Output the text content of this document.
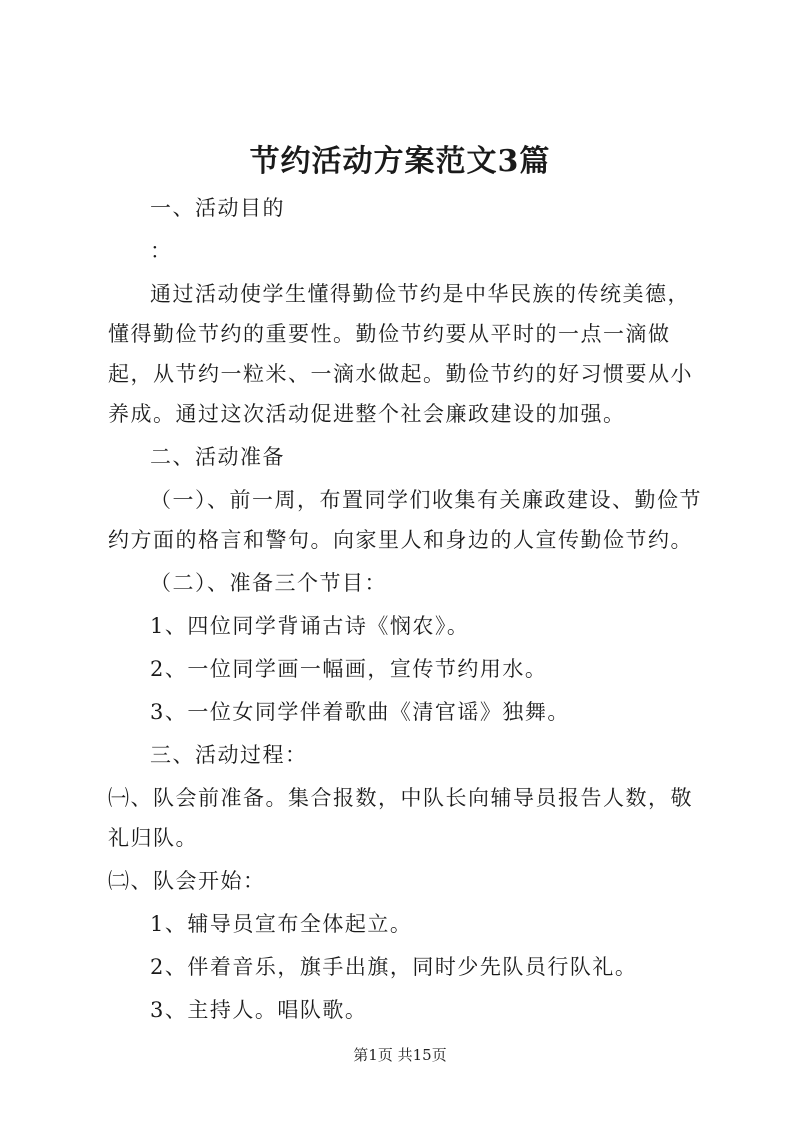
节约活动方案范文3篇

一、活动目的

：

通过活动使学生懂得勤俭节约是中华民族的传统美德，懂得勤俭节约的重要性。勤俭节约要从平时的一点一滴做起，从节约一粒米、一滴水做起。勤俭节约的好习惯要从小养成。通过这次活动促进整个社会廉政建设的加强。

二、活动准备

（一）、前一周，布置同学们收集有关廉政建设、勤俭节约方面的格言和警句。向家里人和身边的人宣传勤俭节约。

（二）、准备三个节目：

1、四位同学背诵古诗《悯农》。

2、一位同学画一幅画，宣传节约用水。

3、一位女同学伴着歌曲《清官谣》独舞。

三、活动过程：

㈠、队会前准备。集合报数，中队长向辅导员报告人数，敬礼归队。

㈡、队会开始：

1、辅导员宣布全体起立。

2、伴着音乐，旗手出旗，同时少先队员行队礼。

3、主持人。唱队歌。

第1页 共15页
